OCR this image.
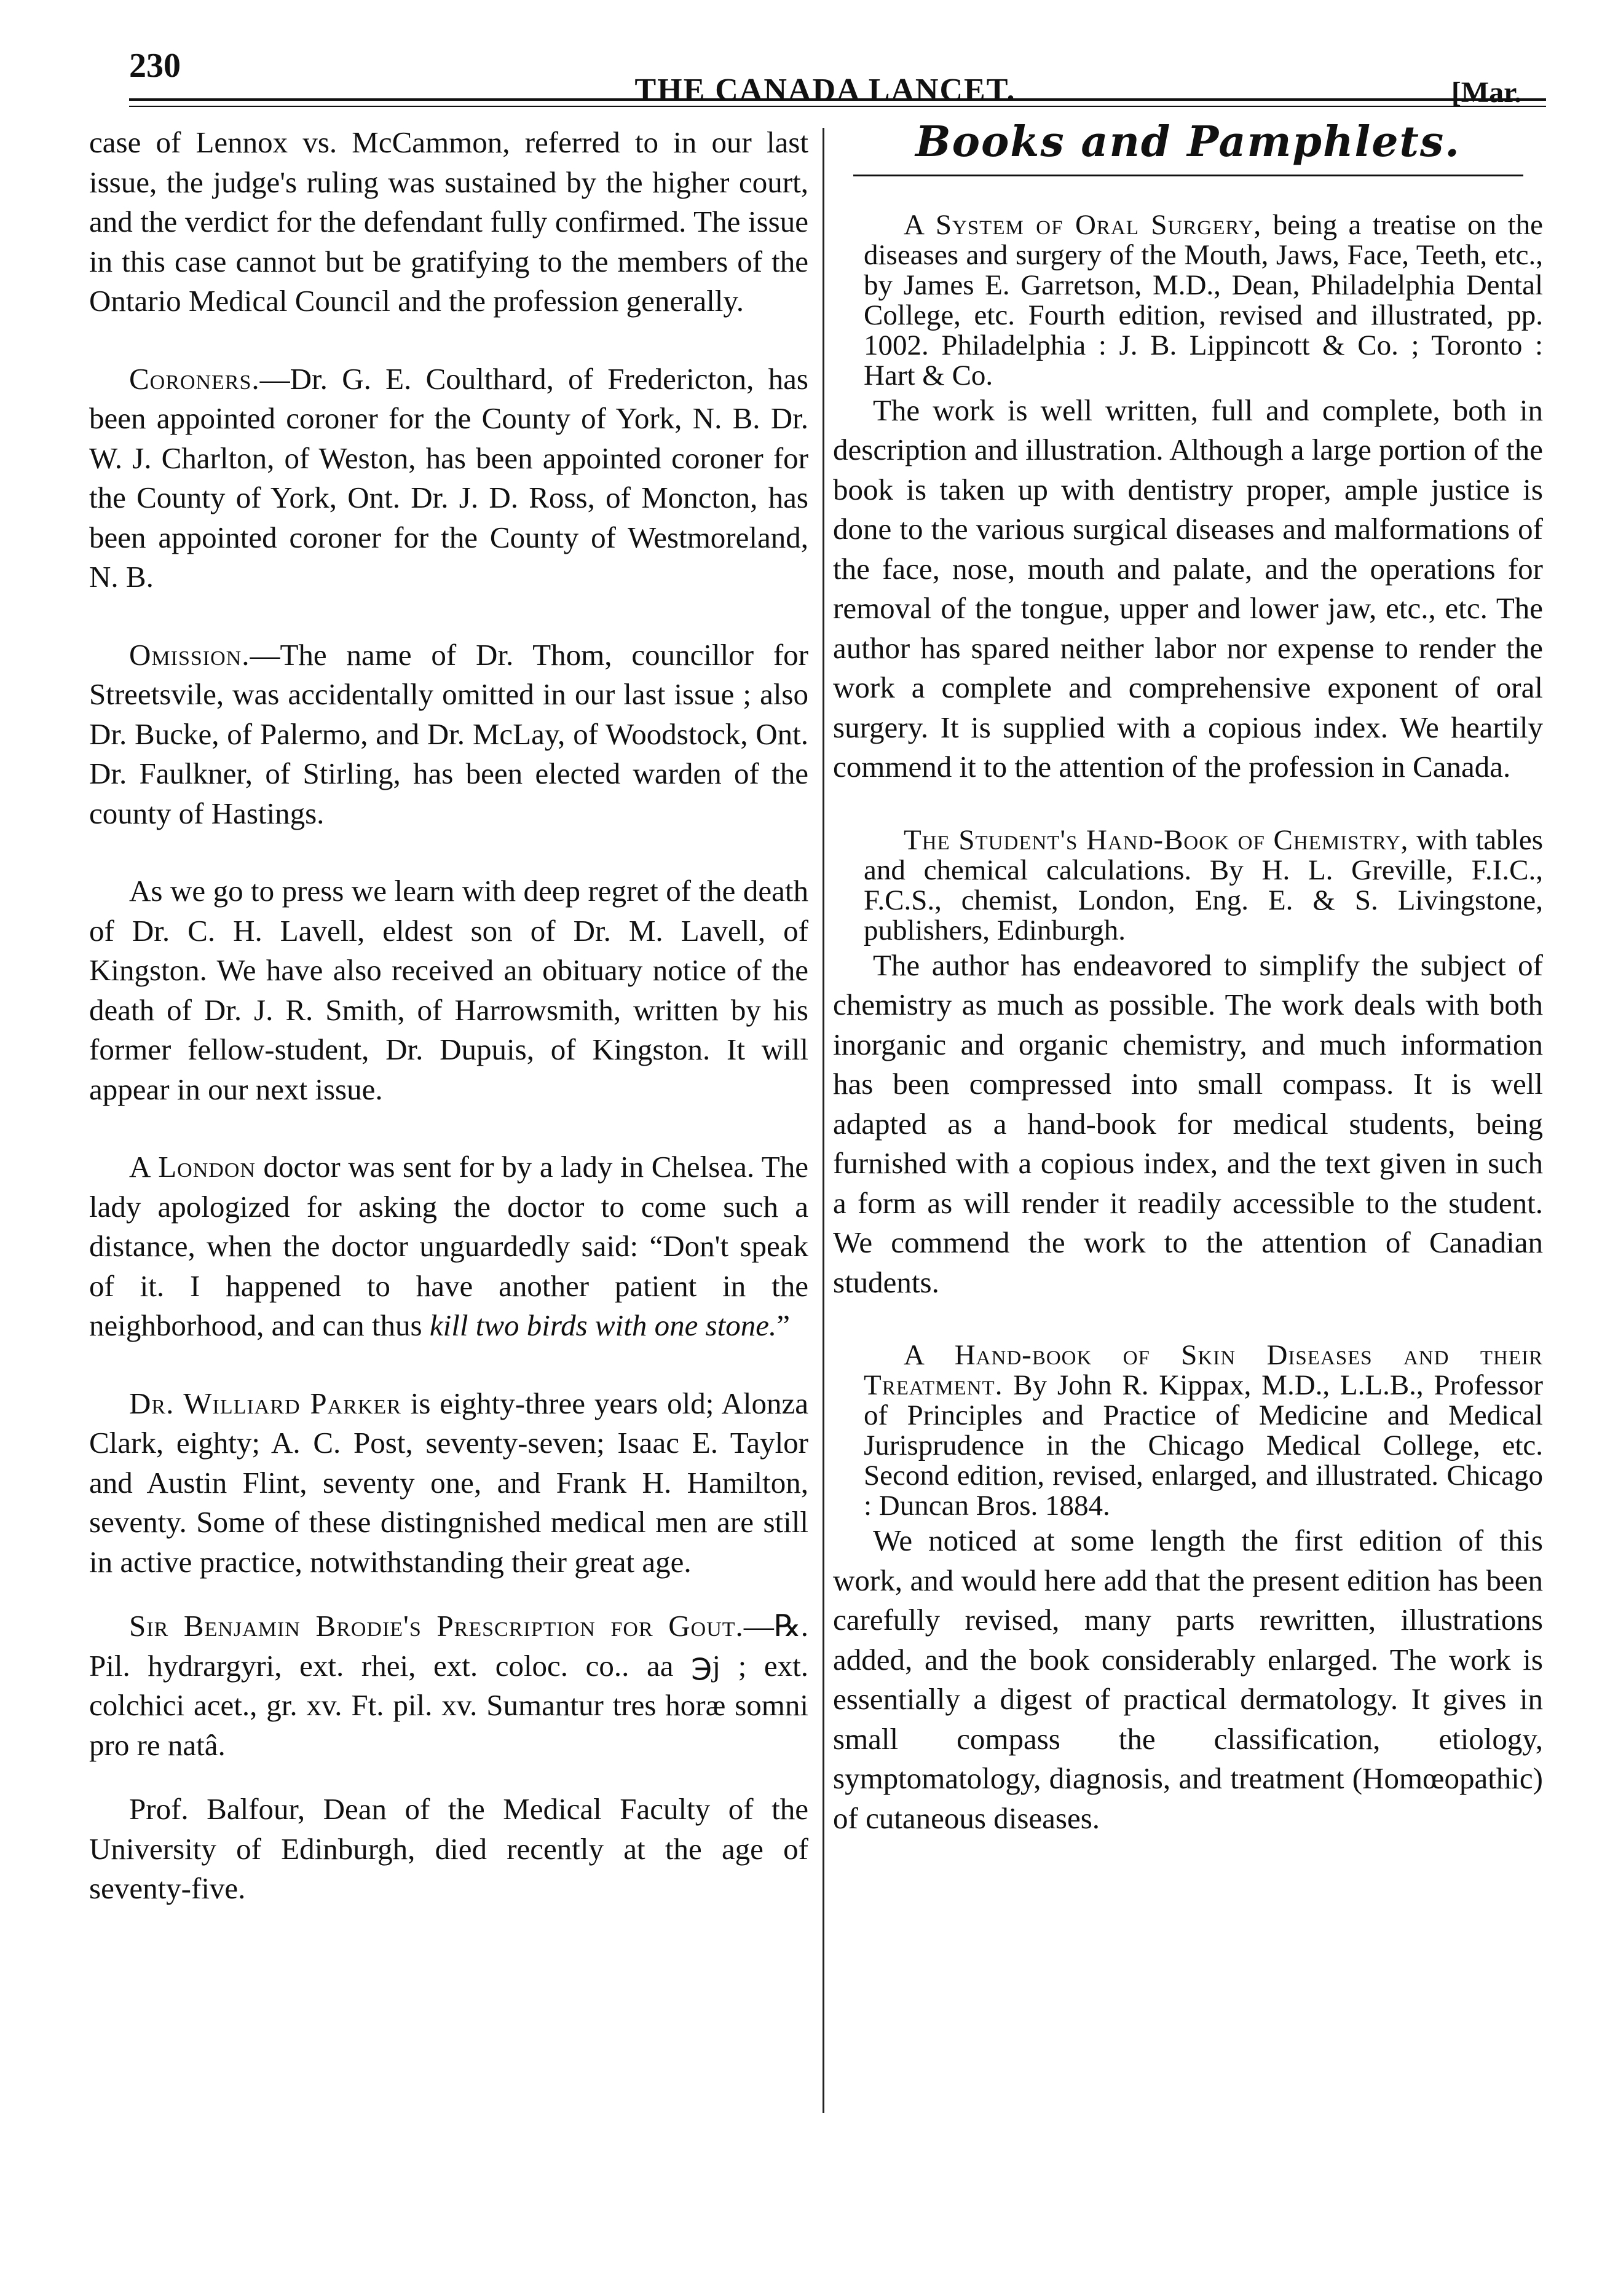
230
THE CANADA LANCET.	[Mar.

case of Lennox vs. McCammon, referred to in our last issue, the judge's ruling was sustained by the higher court, and the verdict for the defendant fully confirmed. The issue in this case cannot but be gratifying to the members of the Ontario Medical Council and the profession generally.

Coroners.—Dr. G. E. Coulthard, of Fredericton, has been appointed coroner for the County of York, N. B. Dr. W. J. Charlton, of Weston, has been appointed coroner for the County of York, Ont. Dr. J. D. Ross, of Moncton, has been appointed coroner for the County of Westmoreland, N. B.

Omission.—The name of Dr. Thom, councillor for Streetsvile, was accidentally omitted in our last issue ; also Dr. Bucke, of Palermo, and Dr. McLay, of Woodstock, Ont. Dr. Faulkner, of Stirling, has been elected warden of the county of Hastings.

As we go to press we learn with deep regret of the death of Dr. C. H. Lavell, eldest son of Dr. M. Lavell, of Kingston. We have also received an obituary notice of the death of Dr. J. R. Smith, of Harrowsmith, written by his former fellow-student, Dr. Dupuis, of Kingston. It will appear in our next issue.

A London doctor was sent for by a lady in Chelsea. The lady apologized for asking the doctor to come such a distance, when the doctor unguardedly said: “Don't speak of it. I happened to have another patient in the neighborhood, and can thus kill two birds with one stone.”

Dr. Williard Parker is eighty-three years old; Alonza Clark, eighty; A. C. Post, seventy-seven; Isaac E. Taylor and Austin Flint, seventy one, and Frank H. Hamilton, seventy. Some of these distingnished medical men are still in active practice, notwithstanding their great age.

Sir Benjamin Brodie's Prescription for Gout.—℞. Pil. hydrargyri, ext. rhei, ext. coloc. co.. aa ℈j ; ext. colchici acet., gr. xv. Ft. pil. xv. Sumantur tres horæ somni pro re natâ.

Prof. Balfour, Dean of the Medical Faculty of the University of Edinburgh, died recently at the age of seventy-five.

Books and Pamphlets.

A System of Oral Surgery, being a treatise on the diseases and surgery of the Mouth, Jaws, Face, Teeth, etc., by James E. Garretson, M.D., Dean, Philadelphia Dental College, etc. Fourth edition, revised and illustrated, pp. 1002. Philadelphia : J. B. Lippincott & Co. ; Toronto : Hart & Co.

The work is well written, full and complete, both in description and illustration. Although a large portion of the book is taken up with dentistry proper, ample justice is done to the various surgical diseases and malformations of the face, nose, mouth and palate, and the operations for removal of the tongue, upper and lower jaw, etc., etc. The author has spared neither labor nor expense to render the work a complete and comprehensive exponent of oral surgery. It is supplied with a copious index. We heartily commend it to the attention of the profession in Canada.

The Student's Hand-Book of Chemistry, with tables and chemical calculations. By H. L. Greville, F.I.C., F.C.S., chemist, London, Eng. E. & S. Livingstone, publishers, Edinburgh.

The author has endeavored to simplify the subject of chemistry as much as possible. The work deals with both inorganic and organic chemistry, and much information has been compressed into small compass. It is well adapted as a hand-book for medical students, being furnished with a copious index, and the text given in such a form as will render it readily accessible to the student. We commend the work to the attention of Canadian students.

A Hand-book of Skin Diseases and their Treatment. By John R. Kippax, M.D., L.L.B., Professor of Principles and Practice of Medicine and Medical Jurisprudence in the Chicago Medical College, etc. Second edition, revised, enlarged, and illustrated. Chicago : Duncan Bros. 1884.

We noticed at some length the first edition of this work, and would here add that the present edition has been carefully revised, many parts rewritten, illustrations added, and the book considerably enlarged. The work is essentially a digest of practical dermatology. It gives in small compass the classification, etiology, symptomatology, diagnosis, and treatment (Homœopathic) of cutaneous diseases.
